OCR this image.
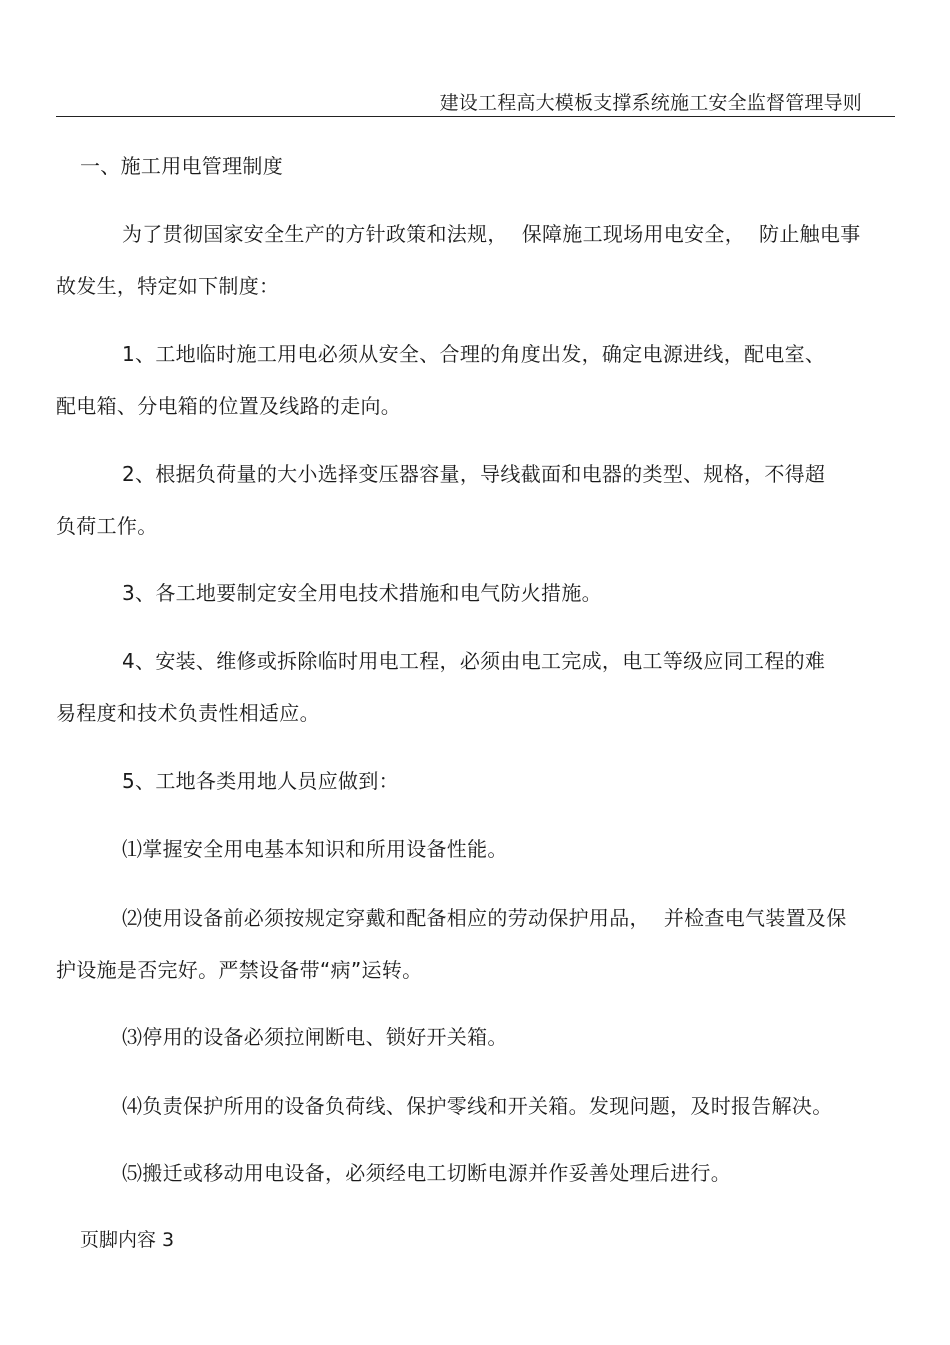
建设工程高大模板支撑系统施工安全监督管理导则
一、施工用电管理制度
为了贯彻国家安全生产的方针政策和法规， 保障施工现场用电安全， 防止触电事
故发生，特定如下制度：
1、工地临时施工用电必须从安全、合理的角度出发，确定电源进线，配电室、
配电箱、分电箱的位置及线路的走向。
2、根据负荷量的大小选择变压器容量，导线截面和电器的类型、规格，不得超
负荷工作。
3、各工地要制定安全用电技术措施和电气防火措施。
4、安装、维修或拆除临时用电工程，必须由电工完成，电工等级应同工程的难
易程度和技术负责性相适应。
5、工地各类用地人员应做到：
⑴掌握安全用电基本知识和所用设备性能。
⑵使用设备前必须按规定穿戴和配备相应的劳动保护用品， 并检查电气装置及保
护设施是否完好。严禁设备带“病”运转。
⑶停用的设备必须拉闸断电、锁好开关箱。
⑷负责保护所用的设备负荷线、保护零线和开关箱。发现问题，及时报告解决。
⑸搬迁或移动用电设备，必须经电工切断电源并作妥善处理后进行。
页脚内容 3
